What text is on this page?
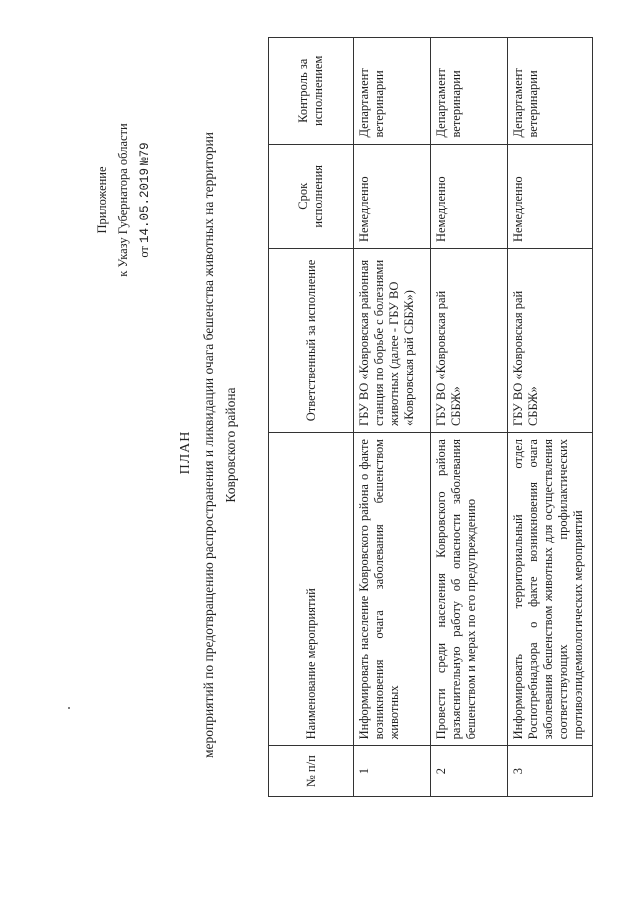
Приложение к Указу Губернатора области от 14.05.2019 №79
ПЛАН мероприятий по предотвращению распространения и ликвидации очага бешенства животных на территории Ковровского района
№ п/п	Наименование мероприятий	Ответственный за исполнение	Срок исполнения	Контроль за исполнением
1	Информировать население Ковровского района о факте возникновения очага заболевания бешенством животных	ГБУ ВО «Ковровская районная станция по борьбе с болезнями животных (далее - ГБУ ВО «Ковровская рай СББЖ»)	Немедленно	Департамент ветеринарии
2	Провести среди населения Ковровского района разъяснительную работу об опасности заболевания бешенством и мерах по его предупреждению	ГБУ ВО «Ковровская рай СББЖ»	Немедленно	Департамент ветеринарии
3	Информировать территориальный отдел Роспотребнадзора о факте возникновения очага заболевания бешенством животных для осуществления соответствующих профилактических противоэпидемиологических мероприятий	ГБУ ВО «Ковровская рай СББЖ»	Немедленно	Департамент ветеринарии
